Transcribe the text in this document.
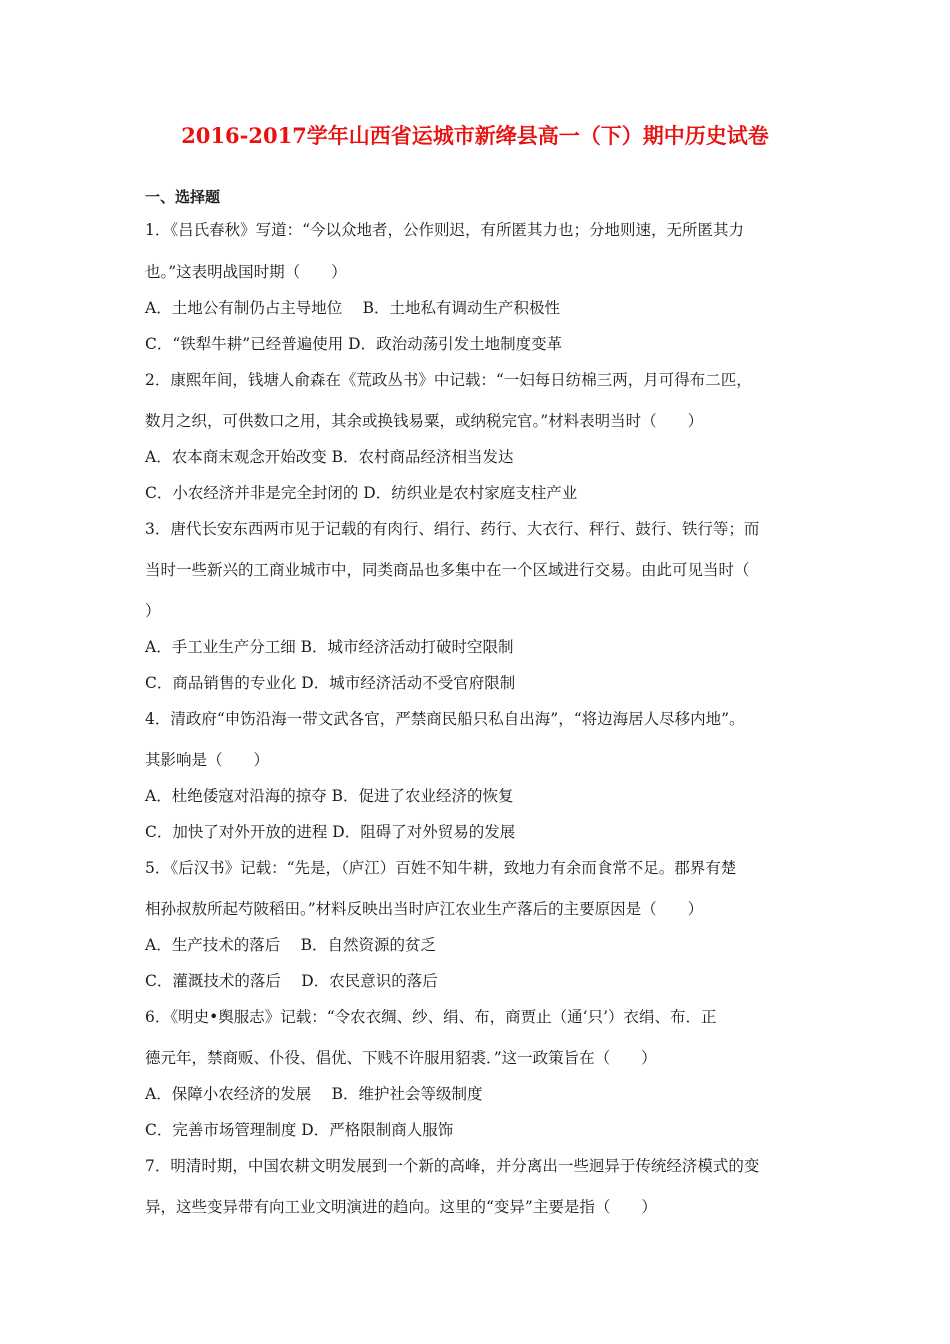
2016-2017学年山西省运城市新绛县高一（下）期中历史试卷
一、选择题
1．《吕氏春秋》写道：“今以众地者，公作则迟，有所匿其力也；分地则速，无所匿其力
也。”这表明战国时期（　　）
A．土地公有制仍占主导地位　 B．土地私有调动生产积极性
C．“铁犁牛耕”已经普遍使用 D．政治动荡引发土地制度变革
2．康熙年间，钱塘人俞森在《荒政丛书》中记载：“一妇每日纺棉三两，月可得布二匹，
数月之织，可供数口之用，其余或换钱易粟，或纳税完官。”材料表明当时（　　）
A．农本商末观念开始改变 B．农村商品经济相当发达
C．小农经济并非是完全封闭的 D．纺织业是农村家庭支柱产业
3．唐代长安东西两市见于记载的有肉行、绢行、药行、大衣行、秤行、鼓行、铁行等；而
当时一些新兴的工商业城市中，同类商品也多集中在一个区域进行交易。由此可见当时（
）
A．手工业生产分工细 B．城市经济活动打破时空限制
C．商品销售的专业化 D．城市经济活动不受官府限制
4．清政府“申饬沿海一带文武各官，严禁商民船只私自出海”，“将边海居人尽移内地”。
其影响是（　　）
A．杜绝倭寇对沿海的掠夺 B．促进了农业经济的恢复
C．加快了对外开放的进程 D．阻碍了对外贸易的发展
5．《后汉书》记载：“先是，（庐江）百姓不知牛耕，致地力有余而食常不足。郡界有楚
相孙叔敖所起芍陂稻田。”材料反映出当时庐江农业生产落后的主要原因是（　　）
A．生产技术的落后　 B．自然资源的贫乏
C．灌溉技术的落后　 D．农民意识的落后
6．《明史•舆服志》记载：“令农衣绸、纱、绢、布，商贾止（通‘只’）衣绢、布．正
德元年，禁商贩、仆役、倡优、下贱不许服用貂裘．”这一政策旨在（　　）
A．保障小农经济的发展　 B．维护社会等级制度
C．完善市场管理制度 D．严格限制商人服饰
7．明清时期，中国农耕文明发展到一个新的高峰，并分离出一些迥异于传统经济模式的变
异，这些变异带有向工业文明演进的趋向。这里的“变异”主要是指（　　）
